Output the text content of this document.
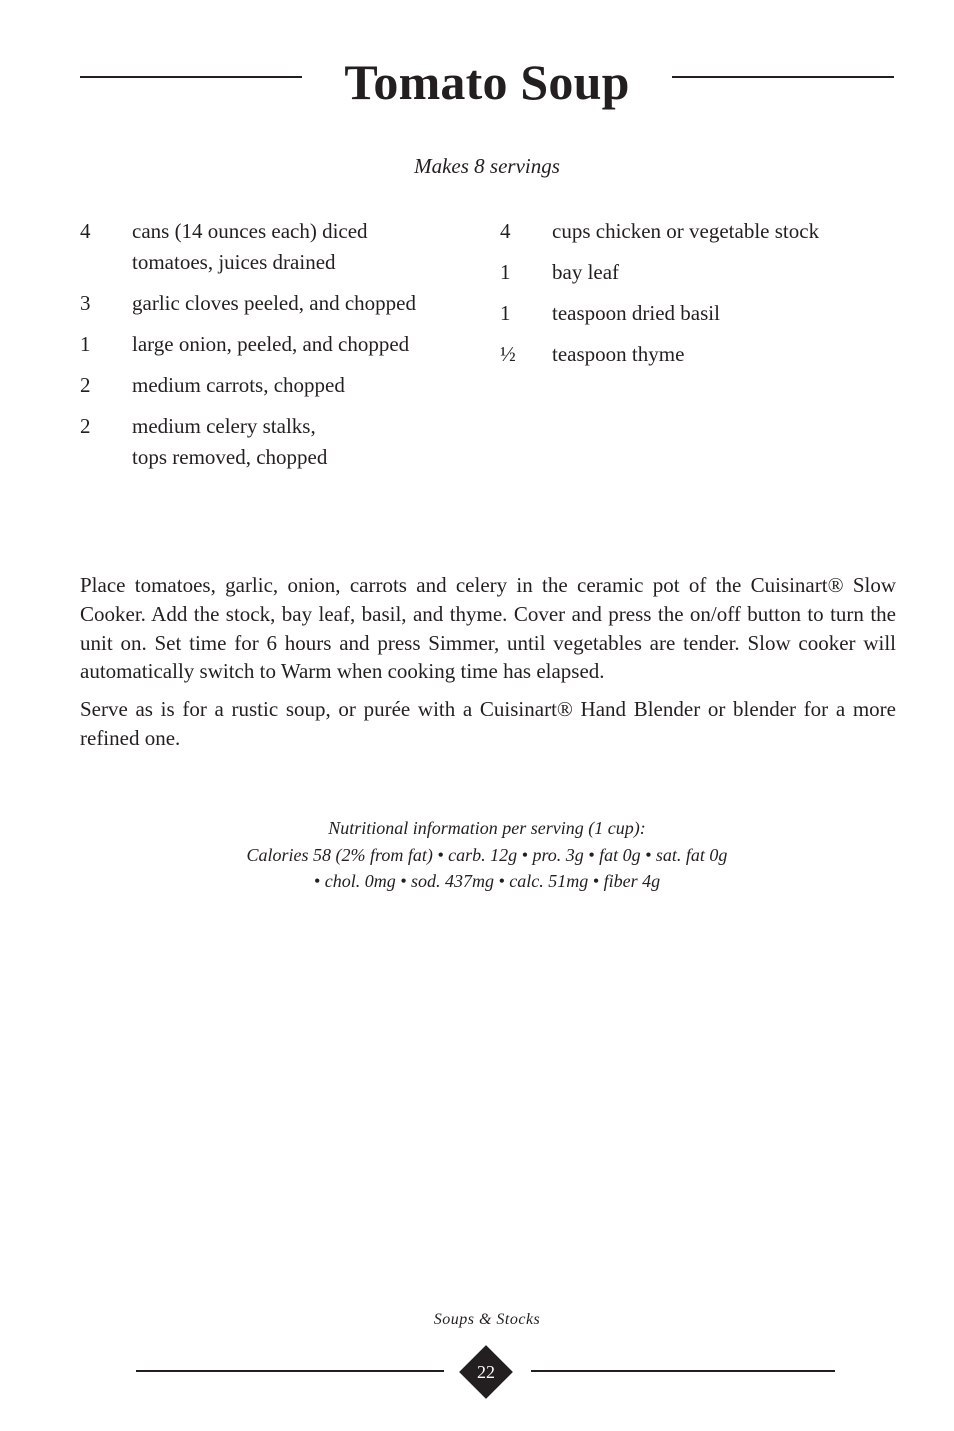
Tomato Soup
Makes 8 servings
4	cans (14 ounces each) diced
tomatoes, juices drained
3	garlic cloves peeled, and chopped
1	large onion, peeled, and chopped
2	medium carrots, chopped
2	medium celery stalks,
tops removed, chopped
4	cups chicken or vegetable stock
1	bay leaf
1	teaspoon dried basil
½	teaspoon thyme

Place tomatoes, garlic, onion, carrots and celery in the ceramic pot of the Cuisinart® Slow Cooker. Add the stock, bay leaf, basil, and thyme. Cover and press the on/off button to turn the unit on. Set time for 6 hours and press Simmer, until vegetables are tender. Slow cooker will automatically switch to Warm when cooking time has elapsed.

Serve as is for a rustic soup, or purée with a Cuisinart® Hand Blender or blender for a more refined one.

Nutritional information per serving (1 cup):
Calories 58 (2% from fat) • carb. 12g • pro. 3g • fat 0g • sat. fat 0g
• chol. 0mg • sod. 437mg • calc. 51mg • fiber 4g
Soups & Stocks
22
